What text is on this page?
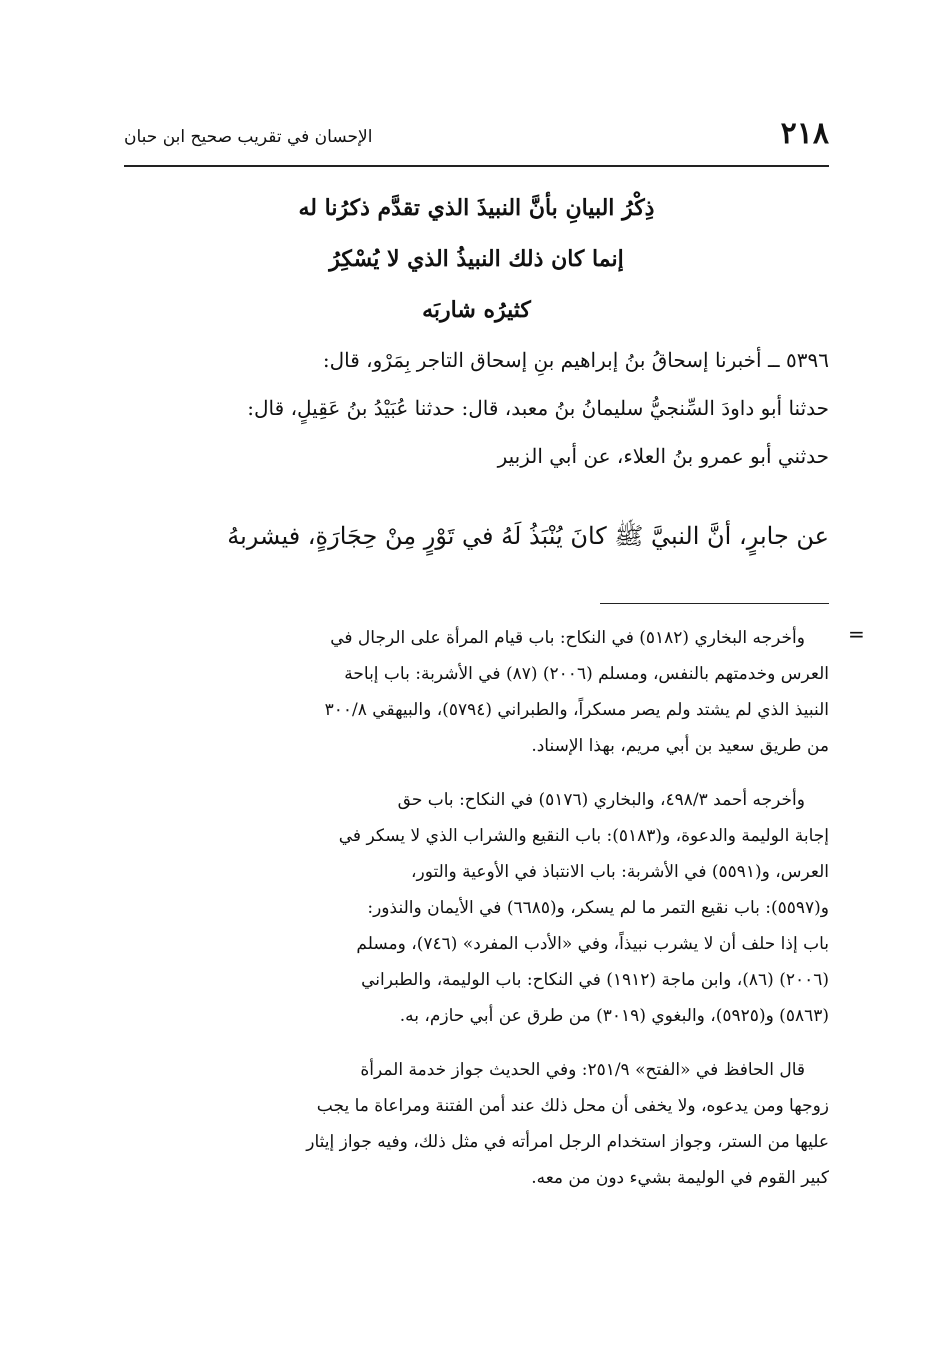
٢١٨
الإحسان في تقريب صحيح ابن حبان
ذِكْرُ البيانِ بأنَّ النبيذَ الذي تقدَّم ذكرُنا له
إنما كان ذلك النبيذُ الذي لا يُسْكِرُ
كثيرُه شاربَه
٥٣٩٦ ــ أخبرنا إسحاقُ بنُ إبراهيم بنِ إسحاق التاجر بِمَرْو، قال:
حدثنا أبو داودَ السِّنجيُّ سليمانُ بنُ معبد، قال: حدثنا عُبَيْدُ بنُ عَقِيلٍ، قال:
حدثني أبو عمرو بنُ العلاء، عن أبي الزبير
عن جابرٍ، أنَّ النبيَّ ﷺ كانَ يُنْبَذُ لَهُ في تَوْرٍ مِنْ حِجَارَةٍ، فيشربهُ
=
وأخرجه البخاري (٥١٨٢) في النكاح: باب قيام المرأة على الرجال في
العرس وخدمتهم بالنفس، ومسلم (٢٠٠٦) (٨٧) في الأشربة: باب إباحة
النبيذ الذي لم يشتد ولم يصر مسكراً، والطبراني (٥٧٩٤)، والبيهقي ٣٠٠/٨
من طريق سعيد بن أبي مريم، بهذا الإسناد.
وأخرجه أحمد ٤٩٨/٣، والبخاري (٥١٧٦) في النكاح: باب حق
إجابة الوليمة والدعوة، و(٥١٨٣): باب النقيع والشراب الذي لا يسكر في
العرس، و(٥٥٩١) في الأشربة: باب الانتباذ في الأوعية والتور،
و(٥٥٩٧): باب نقيع التمر ما لم يسكر، و(٦٦٨٥) في الأيمان والنذور:
باب إذا حلف أن لا يشرب نبيذاً، وفي «الأدب المفرد» (٧٤٦)، ومسلم
(٢٠٠٦) (٨٦)، وابن ماجة (١٩١٢) في النكاح: باب الوليمة، والطبراني
(٥٨٦٣) و(٥٩٢٥)، والبغوي (٣٠١٩) من طرق عن أبي حازم، به.
قال الحافظ في «الفتح» ٢٥١/٩: وفي الحديث جواز خدمة المرأة
زوجها ومن يدعوه، ولا يخفى أن محل ذلك عند أمن الفتنة ومراعاة ما يجب
عليها من الستر، وجواز استخدام الرجل امرأته في مثل ذلك، وفيه جواز إيثار
كبير القوم في الوليمة بشيء دون من معه.
